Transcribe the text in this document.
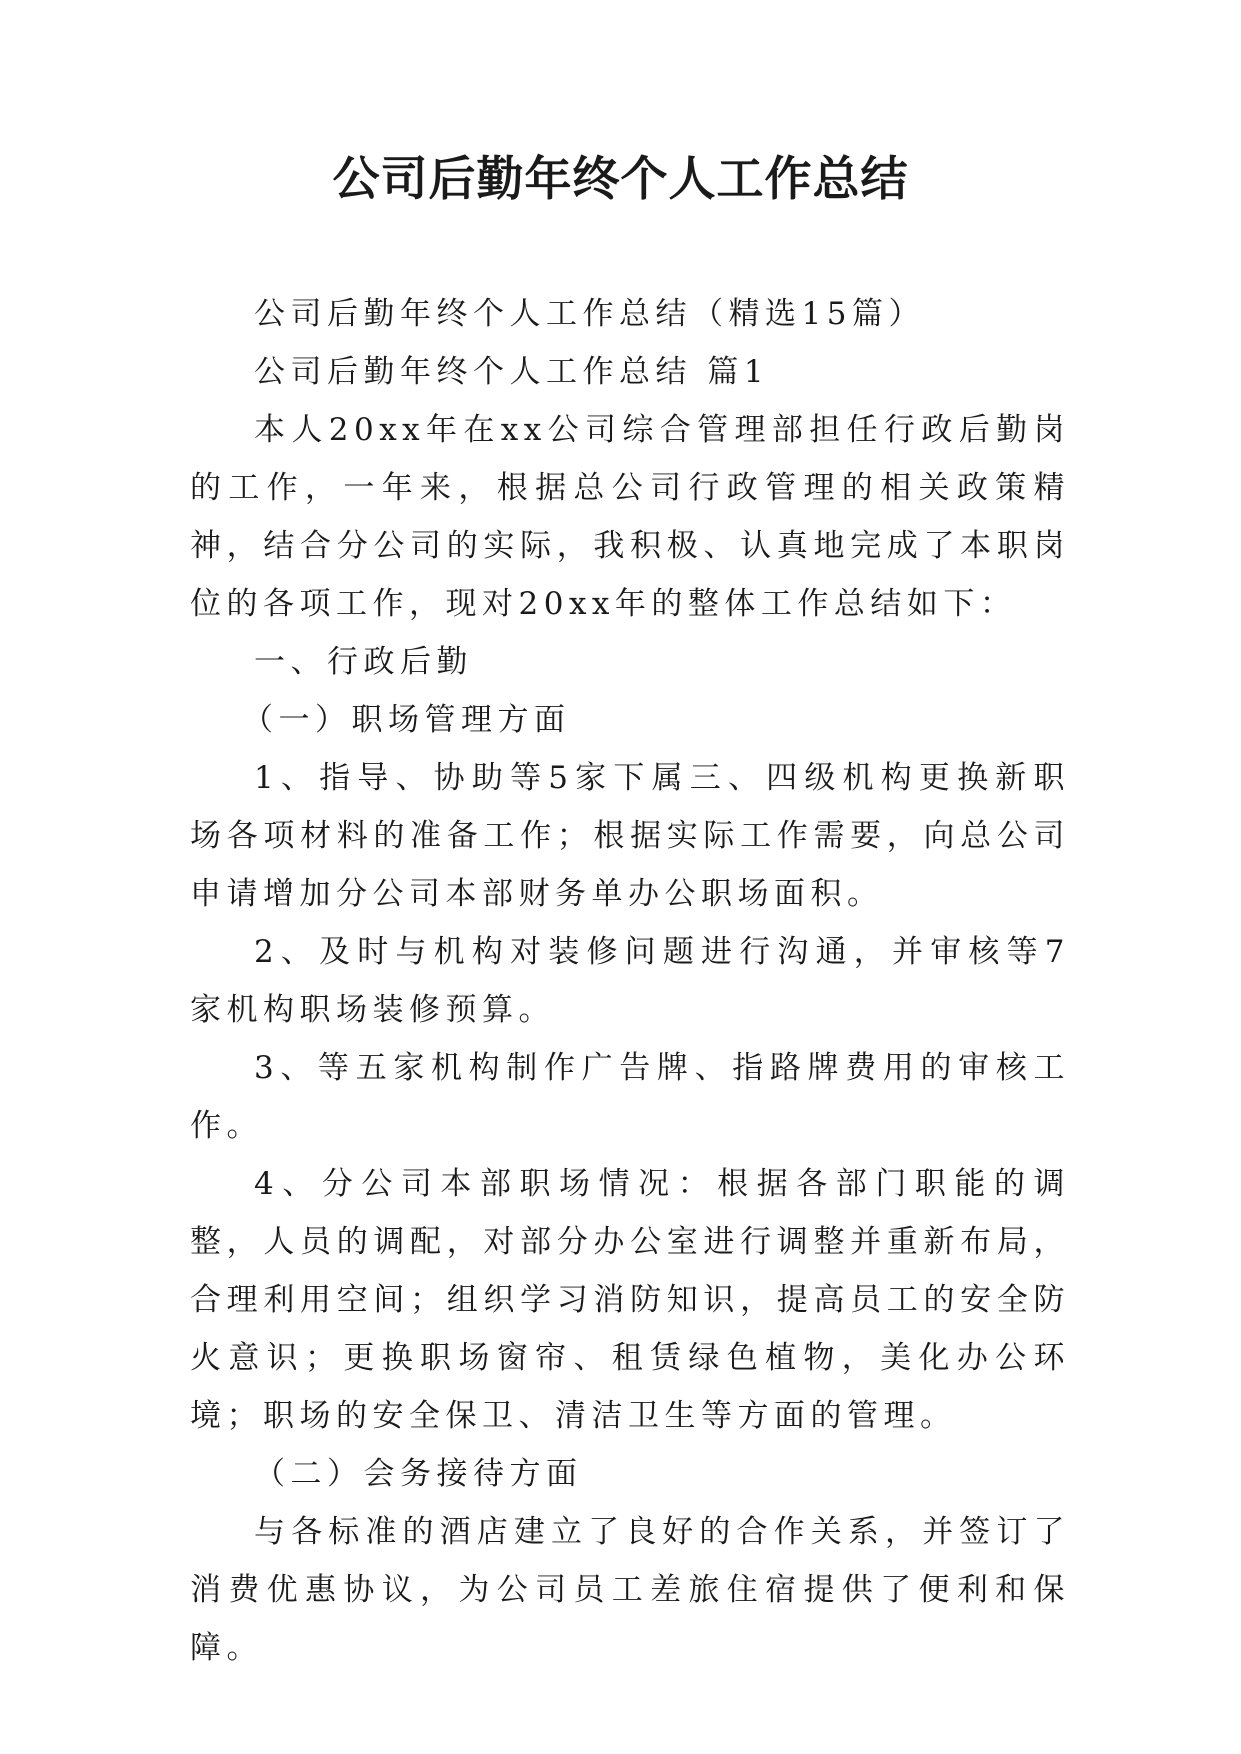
公司后勤年终个人工作总结

公司后勤年终个人工作总结（精选15篇）

公司后勤年终个人工作总结 篇1

本人20xx年在xx公司综合管理部担任行政后勤岗的工作，一年来，根据总公司行政管理的相关政策精神，结合分公司的实际，我积极、认真地完成了本职岗位的各项工作，现对20xx年的整体工作总结如下：

一、行政后勤

（一）职场管理方面

1、指导、协助等5家下属三、四级机构更换新职场各项材料的准备工作；根据实际工作需要，向总公司申请增加分公司本部财务单办公职场面积。

2、及时与机构对装修问题进行沟通，并审核等7家机构职场装修预算。

3、等五家机构制作广告牌、指路牌费用的审核工作。

4、分公司本部职场情况：根据各部门职能的调整，人员的调配，对部分办公室进行调整并重新布局，合理利用空间；组织学习消防知识，提高员工的安全防火意识；更换职场窗帘、租赁绿色植物，美化办公环境；职场的安全保卫、清洁卫生等方面的管理。

（二）会务接待方面

与各标准的酒店建立了良好的合作关系，并签订了消费优惠协议，为公司员工差旅住宿提供了便利和保障。
